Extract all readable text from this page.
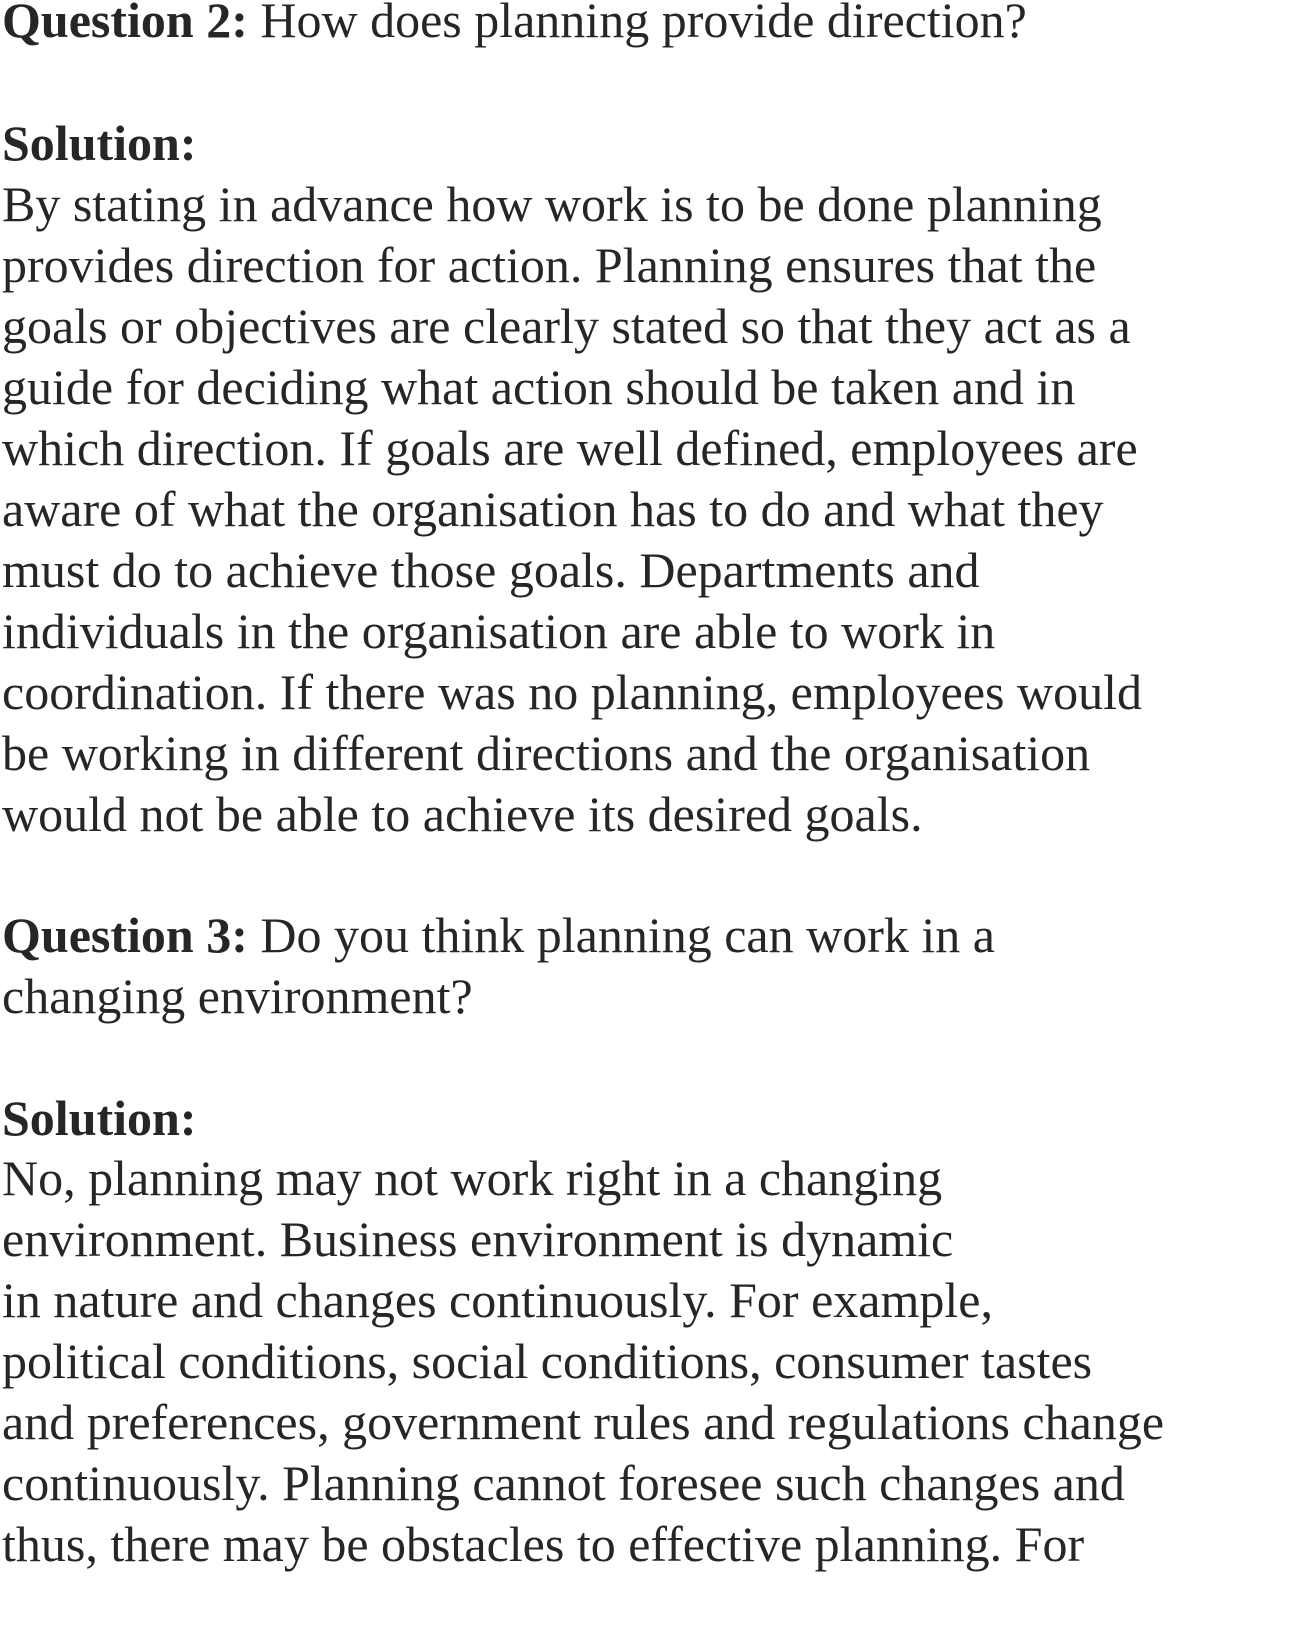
Question 2: How does planning provide direction?

Solution:

By stating in advance how work is to be done planning

provides direction for action. Planning ensures that the

goals or objectives are clearly stated so that they act as a

guide for deciding what action should be taken and in

which direction. If goals are well defined, employees are

aware of what the organisation has to do and what they

must do to achieve those goals. Departments and

individuals in the organisation are able to work in

coordination. If there was no planning, employees would

be working in different directions and the organisation

would not be able to achieve its desired goals.

Question 3: Do you think planning can work in a

changing environment?

Solution:

No, planning may not work right in a changing

environment. Business environment is dynamic

in nature and changes continuously. For example,

political conditions, social conditions, consumer tastes

and preferences, government rules and regulations change

continuously. Planning cannot foresee such changes and

thus, there may be obstacles to effective planning. For
